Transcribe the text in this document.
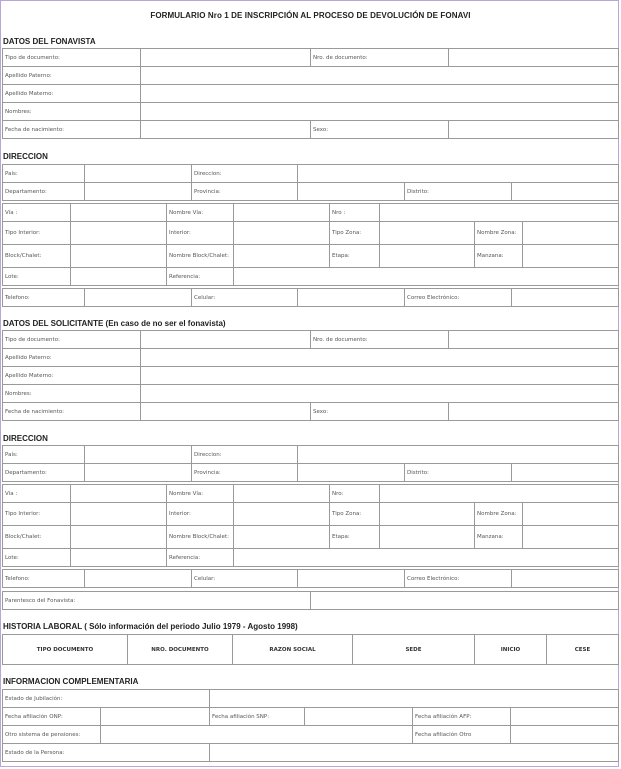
FORMULARIO Nro 1 DE INSCRIPCIÓN AL PROCESO DE DEVOLUCIÓN DE FONAVI
DATOS DEL FONAVISTA
Tipo de documento:		Nro. de documento:	
Apellido Paterno:			
Apellido Materno:			
Nombres:			
Fecha de nacimiento:		Sexo:	
DIRECCION
País:		Direccion:			
Departamento:		Provincia:		Distrito:	
Vía :		Nombre Vía:		Nro :			
Tipo Interior:		Interior:		Tipo Zona:		Nombre Zona:	
Block/Chalet:		Nombre Block/Chalet:		Etapa:		Manzana:	
Lote:		Referencia:					
Telefono:		Celular:		Correo Electrónico:	
DATOS DEL SOLICITANTE (En caso de no ser el fonavista)
Tipo de documento:		Nro. de documento:	
Apellido Paterno:			
Apellido Materno:			
Nombres:			
Fecha de nacimiento:		Sexo:	
DIRECCION
País:		Direccion:			
Departamento:		Provincia:		Distrito:	
Vía :		Nombre Vía:		Nro:			
Tipo Interior:		Interior:		Tipo Zona:		Nombre Zona:	
Block/Chalet:		Nombre Block/Chalet:		Etapa:		Manzana:	
Lote:		Referencia:					
Telefono:		Celular:		Correo Electrónico:	
Parentesco del Fonavista:	
HISTORIA LABORAL ( Sólo información del periodo Julio 1979 - Agosto 1998)
TIPO DOCUMENTO	NRO. DOCUMENTO	RAZON SOCIAL	SEDE	INICIO	CESE
INFORMACION COMPLEMENTARIA
Estado de Jubilación:					
Fecha afiliación ONP:		Fecha afiliación SNP:		Fecha afiliación AFP:	
Otro sistema de pensiones:				Fecha afiliación Otro	
Estado de la Persona:					
